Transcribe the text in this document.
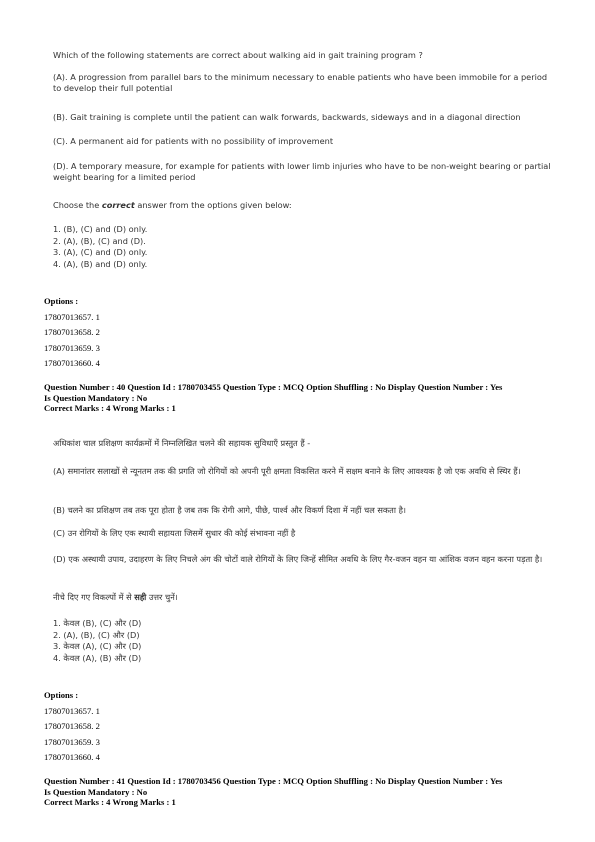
Which of the following statements are correct about walking aid in gait training program ?
(A). A progression from parallel bars to the minimum necessary to enable patients who have been immobile for a period to develop their full potential
(B). Gait training is complete until the patient can walk forwards, backwards, sideways and in a diagonal direction
(C). A permanent aid for patients with no possibility of improvement
(D). A temporary measure, for example for patients with lower limb injuries who have to be non-weight bearing or partial weight bearing for a limited period
Choose the correct answer from the options given below:
1. (B), (C) and (D) only.
2. (A), (B), (C) and (D).
3. (A), (C) and (D) only.
4. (A), (B) and (D) only.
Options :
17807013657. 1
17807013658. 2
17807013659. 3
17807013660. 4
Question Number : 40 Question Id : 1780703455 Question Type : MCQ Option Shuffling : No Display Question Number : Yes
Is Question Mandatory : No
Correct Marks : 4 Wrong Marks : 1
अधिकांश चाल प्रशिक्षण कार्यक्रमों में निम्नलिखित चलने की सहायक सुविधाएँ प्रस्तुत हैं -
(A) समानांतर सलाखों से न्यूनतम तक की प्रगति जो रोगियों को अपनी पूरी क्षमता विकसित करने में सक्षम बनाने के लिए आवश्यक है जो एक अवधि से स्थिर हैं।
(B) चलने का प्रशिक्षण तब तक पूरा होता है जब तक कि रोगी आगे, पीछे, पार्श्व और विकर्ण दिशा में नहीं चल सकता है।
(C) उन रोगियों के लिए एक स्थायी सहायता जिसमें सुधार की कोई संभावना नहीं है
(D) एक अस्थायी उपाय, उदाहरण के लिए निचले अंग की चोटों वाले रोगियों के लिए जिन्हें सीमित अवधि के लिए गैर-वजन वहन या आंशिक वजन वहन करना पड़ता है।
नीचे दिए गए विकल्पों में से सही उत्तर चुनें।
1. केवल (B), (C) और (D)
2. (A), (B), (C) और (D)
3. केवल (A), (C) और (D)
4. केवल (A), (B) और (D)
Options :
17807013657. 1
17807013658. 2
17807013659. 3
17807013660. 4
Question Number : 41 Question Id : 1780703456 Question Type : MCQ Option Shuffling : No Display Question Number : Yes
Is Question Mandatory : No
Correct Marks : 4 Wrong Marks : 1
